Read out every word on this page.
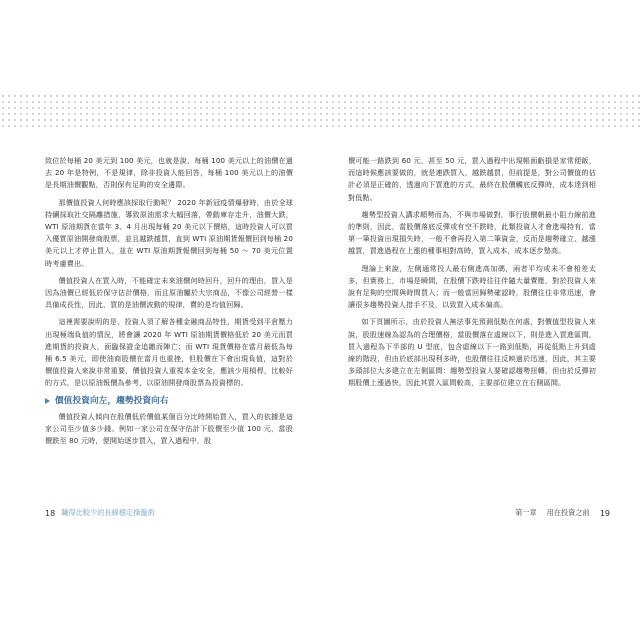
致位於每桶 20 美元到 100 美元，也就是說，每桶 100 美元以上的油價在過去 20 年是特例，不是規律，除非投資人能回答，每桶 100 美元以上的油價是長期油價觀點，否則保有足夠的安全邊際。

那價值投資人何時應該採取行動呢？ 2020 年新冠疫情爆發時，由於全球持續採取社交隔離措施，導致原油需求大幅回落，帶動庫存走升，油價大跌，WTI 原油期貨在當年 3、4 月出現每桶 20 美元以下價格，這時投資人可以買入優質原油開發商股票，並且越跌越買，直到 WTI 原油期貨報價回到每桶 20 美元以上才停止買入，並在 WTI 原油期貨報價回到每桶 50 ～ 70 美元位置時考慮賣出。

價值投資人在買入時，不能確定未來油價何時回升，回升的理由，買入是因為油價已經低於保守估計價格，而且原油屬於大宗商品，不像公司經營一樣具備成長性，因此，買的是油價波動的規律，賣的是均值回歸。

這裡需要說明的是，投資人須了解各種金融商品特性，期貨受到平倉壓力出現極端負值的情況，將會讓 2020 年 WTI 原油期貨價格低於 20 美元而買進期貨的投資人，面臨保證金追繳而陣亡；而 WTI 現貨價格在當月最低為每桶 6.5 美元，即使油商股價在當月也重挫，但股價在下會出現負值，這對於價值投資人來說非常重要，價值投資人重視本金安全，應該少用槓桿，比較好的方式，是以原油報價為參考，以原油開發商股票為投資標的。

價值投資向左，趨勢投資向右

價值投資人傾向在股價低於價值某個百分比時開始買入，買入的依據是這家公司至少值多少錢。例如一家公司在保守估計下股價至少值 100 元，當股價跌至 80 元時，便開始逐步買入，買入過程中，股

18 賺得比較少的長線穩定操盤術

價可能一路跌到 60 元，甚至 50 元，買入過程中出現帳面虧損是家常便飯，而這時候應該要做的，就是連跌買入，越跌越買，但前提是，對公司價值的估計必須是正確的，透過向下買進的方式，最終在股價觸底反彈時，成本達到相對低點。

趨勢型投資人講求順勢而為，不與市場做對，事行股價朝最小阻力線前進的準則，因此，當股價落底反彈或有空不跌時，此類投資人才會進場持有，當第一筆投資出現損失時，一般不會再投入第二筆資金，反而是趨勢確立、越漲越買，買進過程在上漲的種事相對高時，買入成本，成本逐步墊高。

理論上來說，左側通常投人最右側進高加碼，兩者平均或未不會相差太多，但實務上，市場是瞬間，在股價下跌時往往伴隨大量賣壓，對於投資人來說有足夠的空間與時間買入；而一般當回歸勢確認時，股價往往非常迅速，會讓很多趨勢投資人措手不及，以致買入成本偏高。

如下頁圖所示，由於投資人無法事先預測低點在何處，對價值型投資人來說，股股速線為認為的合理價格，當股價落在虛線以下，則是進入買進區間，買入過程為下半部的 U 型底，包含虛線以下一路到低點，再從低點上升到虛線的階段，但由於底部出現利多時，也股價往往反映過於迅速，因此，其主要多頭部位大多建立在左側區間：趨勢型投資人要確認趨勢扭轉，但由於反彈初期股價上漲過快，因此其買入區間較高，主要部位建立在右側區間。

第一章 用在投資之前 19
